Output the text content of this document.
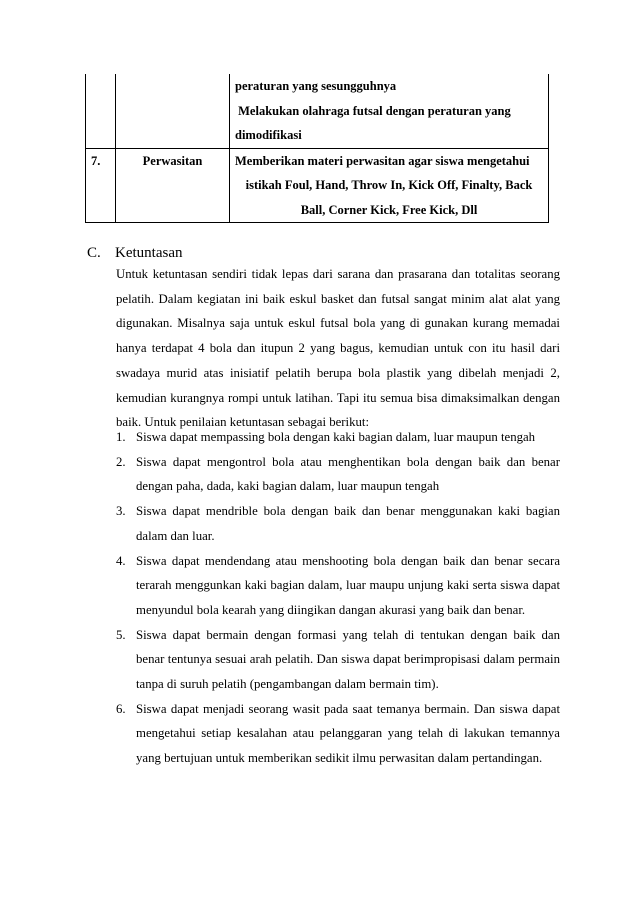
		peraturan yang sesungguhnya
Melakukan olahraga futsal dengan peraturan yang
dimodifikasi

7.	Perwasitan	Memberikan materi perwasitan agar siswa mengetahui
istikah Foul, Hand, Throw In, Kick Off, Finalty, Back
Ball, Corner Kick, Free Kick, Dll
C. Ketuntasan

Untuk ketuntasan sendiri tidak lepas dari sarana dan prasarana dan totalitas seorang pelatih. Dalam kegiatan ini baik eskul basket dan futsal sangat minim alat alat yang digunakan. Misalnya saja untuk eskul futsal bola yang di gunakan kurang memadai hanya terdapat 4 bola dan itupun 2 yang bagus, kemudian untuk con itu hasil dari swadaya murid atas inisiatif pelatih berupa bola plastik yang dibelah menjadi 2, kemudian kurangnya rompi untuk latihan. Tapi itu semua bisa dimaksimalkan dengan baik. Untuk penilaian ketuntasan sebagai berikut:

1. Siswa dapat mempassing bola dengan kaki bagian dalam, luar maupun tengah
2. Siswa dapat mengontrol bola atau menghentikan bola dengan baik dan benar dengan paha, dada, kaki bagian dalam, luar maupun tengah
3. Siswa dapat mendrible bola dengan baik dan benar menggunakan kaki bagian dalam dan luar.
4. Siswa dapat mendendang atau menshooting bola dengan baik dan benar secara terarah menggunkan kaki bagian dalam, luar maupu unjung kaki serta siswa dapat menyundul bola kearah yang diingikan dangan akurasi yang baik dan benar.
5. Siswa dapat bermain dengan formasi yang telah di tentukan dengan baik dan benar tentunya sesuai arah pelatih. Dan siswa dapat berimpropisasi dalam permain tanpa di suruh pelatih (pengambangan dalam bermain tim).
6. Siswa dapat menjadi seorang wasit pada saat temanya bermain. Dan siswa dapat mengetahui setiap kesalahan atau pelanggaran yang telah di lakukan temannya yang bertujuan untuk memberikan sedikit ilmu perwasitan dalam pertandingan.
